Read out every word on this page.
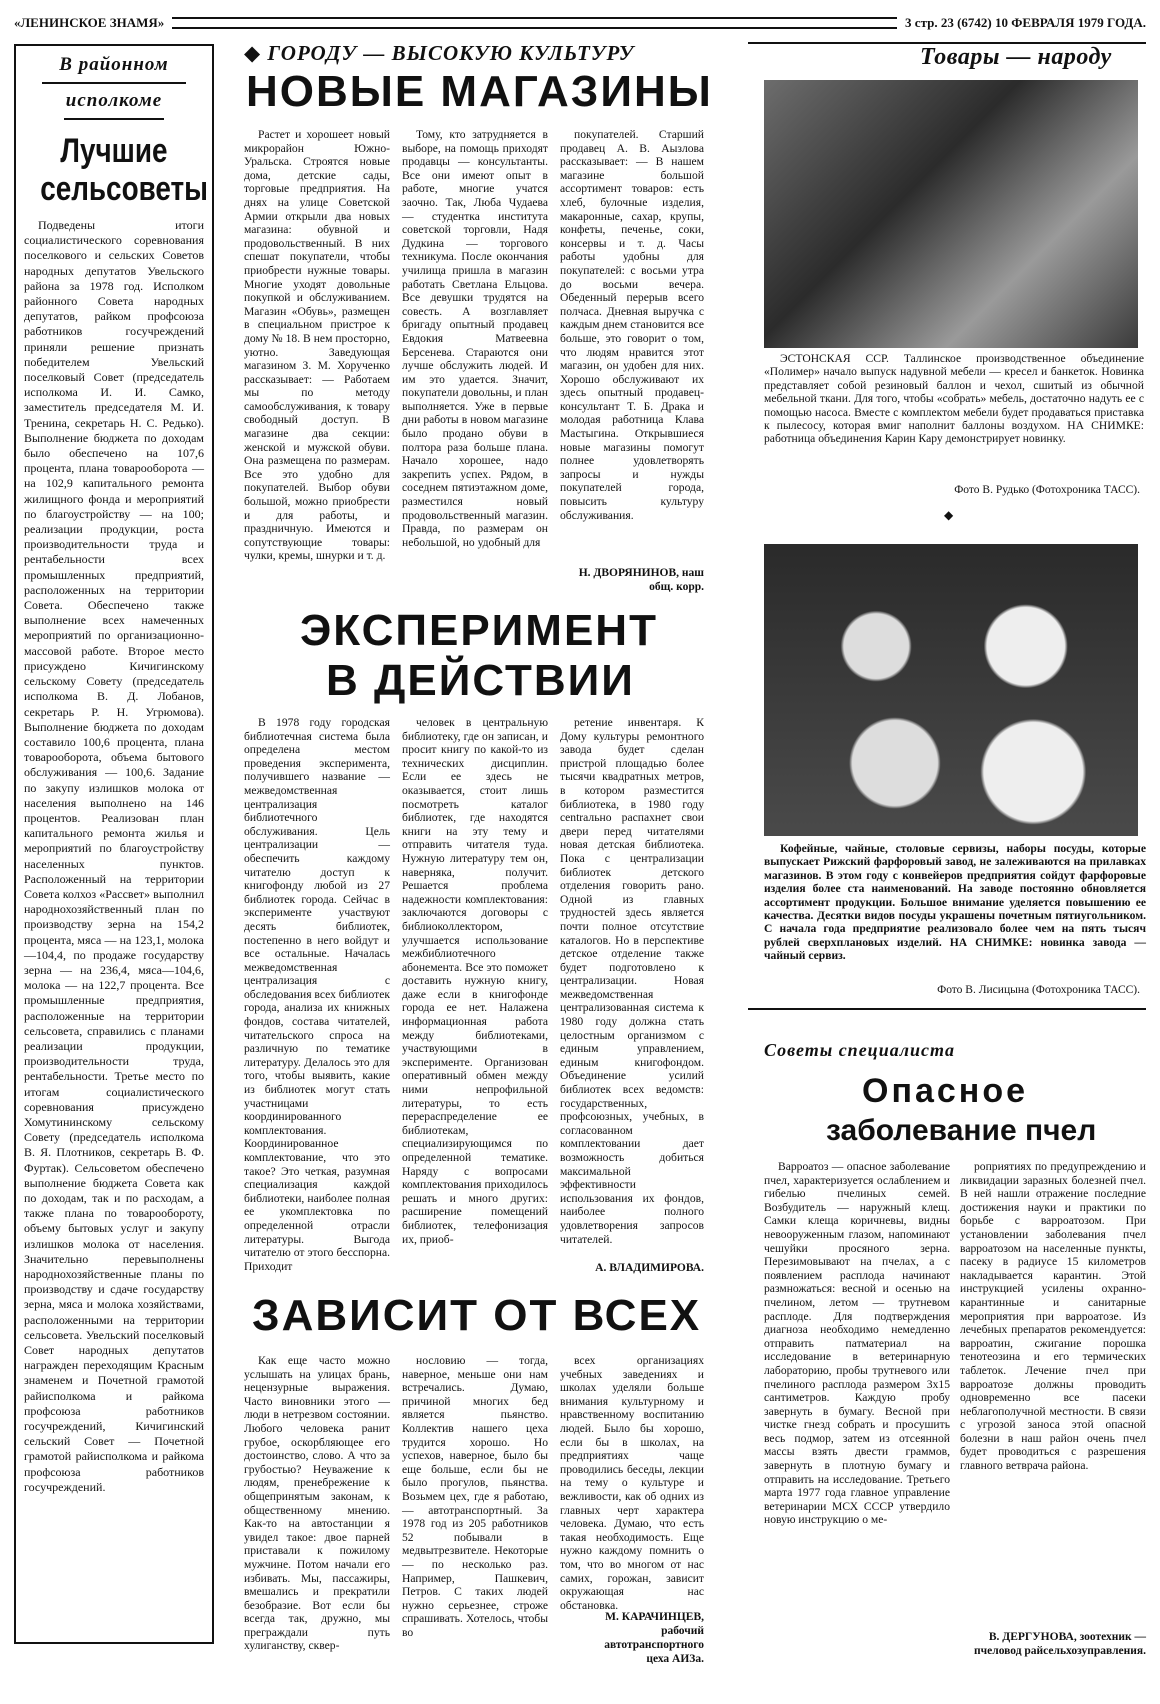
«ЛЕНИНСКОЕ ЗНАМЯ»	3 стр. 23 (6742) 10 ФЕВРАЛЯ 1979 ГОДА.
В районном
исполкоме
Лучшие сельсоветы
Подведены итоги социалистического соревнования поселкового и сельских Советов народных депутатов Увельского района за 1978 год. Исполком районного Совета народных депутатов, райком профсоюза работников госучреждений приняли решение признать победителем Увельский поселковый Совет (председатель исполкома И. И. Самко, заместитель председателя М. И. Тренина, секретарь Н. С. Редько). Выполнение бюджета по доходам было обеспечено на 107,6 процента, плана товарооборота — на 102,9 капитального ремонта жилищного фонда и мероприятий по благоустройству — на 100; реализации продукции, роста производительности труда и рентабельности всех промышленных предприятий, расположенных на территории Совета. Обеспечено также выполнение всех намеченных мероприятий по организационно-массовой работе. Второе место присуждено Кичигинскому сельскому Совету (председатель исполкома В. Д. Лобанов, секретарь Р. Н. Угрюмова). Выполнение бюджета по доходам составило 100,6 процента, плана товарооборота, объема бытового обслуживания — 100,6. Задание по закупу излишков молока от населения выполнено на 146 процентов. Реализован план капитального ремонта жилья и мероприятий по благоустройству населенных пунктов. Расположенный на территории Совета колхоз «Рассвет» выполнил народнохозяйственный план по производству зерна на 154,2 процента, мяса — на 123,1, молока—104,4, по продаже государству зерна — на 236,4, мяса—104,6, молока — на 122,7 процента. Все промышленные предприятия, расположенные на территории сельсовета, справились с планами реализации продукции, производительности труда, рентабельности. Третье место по итогам социалистического соревнования присуждено Хомутининскому сельскому Совету (председатель исполкома В. Я. Плотников, секретарь В. Ф. Фуртак). Сельсоветом обеспечено выполнение бюджета Совета как по доходам, так и по расходам, а также плана по товарообороту, объему бытовых услуг и закупу излишков молока от населения. Значительно перевыполнены народнохозяйственные планы по производству и сдаче государству зерна, мяса и молока хозяйствами, расположенными на территории сельсовета. Увельский поселковый Совет народных депутатов награжден переходящим Красным знаменем и Почетной грамотой райисполкома и райкома профсоюза работников госучреждений, Кичигинский сельский Совет — Почетной грамотой райисполкома и райкома профсоюза работников госучреждений.
◆ ГОРОДУ — ВЫСОКУЮ КУЛЬТУРУ
НОВЫЕ МАГАЗИНЫ
Растет и хорошеет новый микрорайон Южно-Уральска. Строятся новые дома, детские сады, торговые предприятия. На днях на улице Советской Армии открыли два новых магазина: обувной и продовольственный. В них спешат покупатели, чтобы приобрести нужные товары. Многие уходят довольные покупкой и обслуживанием. Магазин «Обувь», размещен в специальном пристрое к дому № 18. В нем просторно, уютно. Заведующая магазином З. М. Хорученко рассказывает: — Работаем мы по методу самообслуживания, к товару свободный доступ. В магазине два секции: женской и мужской обуви. Она размещена по размерам. Все это удобно для покупателей. Выбор обуви большой, можно приобрести и для работы, и праздничную. Имеются и сопутствующие товары: чулки, кремы, шнурки и т. д.
Тому, кто затрудняется в выборе, на помощь приходят продавцы — консультанты. Все они имеют опыт в работе, многие учатся заочно. Так, Люба Чудаева — студентка института советской торговли, Надя Дудкина — торгового техникума. После окончания училища пришла в магазин работать Светлана Ельцова. Все девушки трудятся на совесть. А возглавляет бригаду опытный продавец Евдокия Матвеевна Берсенева. Стараются они лучше обслужить людей. И им это удается. Значит, покупатели довольны, и план выполняется. Уже в первые дни работы в новом магазине было продано обуви в полтора раза больше плана. Начало хорошее, надо закрепить успех. Рядом, в соседнем пятиэтажном доме, разместился новый продовольственный магазин. Правда, по размерам он небольшой, но удобный для
покупателей. Старший продавец А. В. Аызлова рассказывает: — В нашем магазине большой ассортимент товаров: есть хлеб, булочные изделия, макаронные, сахар, крупы, конфеты, печенье, соки, консервы и т. д. Часы работы удобны для покупателей: с восьми утра до восьми вечера. Обеденный перерыв всего полчаса. Дневная выручка с каждым днем становится все больше, это говорит о том, что людям нравится этот магазин, он удобен для них. Хорошо обслуживают их здесь опытный продавец-консультант Т. Б. Драка и молодая работница Клава Мастыгина. Открывшиеся новые магазины помогут полнее удовлетворять запросы и нужды покупателей города, повысить культуру обслуживания.
Н. ДВОРЯНИНОВ, наш общ. корр.
ЭКСПЕРИМЕНТ
В ДЕЙСТВИИ
В 1978 году городская библиотечная система была определена местом проведения эксперимента, получившего название — межведомственная централизация библиотечного обслуживания. Цель централизации — обеспечить каждому читателю доступ к книгофонду любой из 27 библиотек города. Сейчас в эксперименте участвуют десять библиотек, постепенно в него войдут и все остальные. Началась межведомственная централизация с обследования всех библиотек города, анализа их книжных фондов, состава читателей, читательского спроса на различную по тематике литературу. Делалось это для того, чтобы выявить, какие из библиотек могут стать участницами координированного комплектования. Координированное комплектование, что это такое? Это четкая, разумная специализация каждой библиотеки, наиболее полная ее укомплектовка по определенной отрасли литературы. Выгода читателю от этого бесспорна. Приходит
человек в центральную библиотеку, где он записан, и просит книгу по какой-то из технических дисциплин. Если ее здесь не оказывается, стоит лишь посмотреть каталог библиотек, где находятся книги на эту тему и отправить читателя туда. Нужную литературу тем он, наверняка, получит. Решается проблема надежности комплектования: заключаются договоры с библиоколлектором, улучшается использование межбиблиотечного абонемента. Все это поможет доставить нужную книгу, даже если в книгофонде города ее нет. Налажена информационная работа между библиотеками, участвующими в эксперименте. Организован оперативный обмен между ними непрофильной литературы, то есть перераспределение ее библиотекам, специализирующимся по определенной тематике. Наряду с вопросами комплектования приходилось решать и много других: расширение помещений библиотек, телефонизация их, приоб-
ретение инвентаря. К Дому культуры ремонтного завода будет сделан пристрой площадью более тысячи квадратных метров, в котором разместится библиотека, в 1980 году centrально распахнет свои двери перед читателями новая детская библиотека. Пока с централизации библиотек детского отделения говорить рано. Одной из главных трудностей здесь является почти полное отсутствие каталогов. Но в перспективе детское отделение также будет подготовлено к централизации. Новая межведомственная централизованная система к 1980 году должна стать целостным организмом с единым управлением, единым книгофондом. Объединение усилий библиотек всех ведомств: государственных, профсоюзных, учебных, в согласованном комплектовании дает возможность добиться максимальной эффективности использования их фондов, наиболее полного удовлетворения запросов читателей.
А. ВЛАДИМИРОВА.
ЗАВИСИТ ОТ ВСЕХ
Как еще часто можно услышать на улицах брань, нецензурные выражения. Часто виновники этого — люди в нетрезвом состоянии. Любого человека ранит грубое, оскорбляющее его достоинство, слово. А что за грубостью? Неуважение к людям, пренебрежение к общепринятым законам, к общественному мнению. Как-то на автостанции я увидел такое: двое парней приставали к пожилому мужчине. Потом начали его избивать. Мы, пассажиры, вмешались и прекратили безобразие. Вот если бы всегда так, дружно, мы преграждали путь хулиганству, сквер-
нословию — тогда, наверное, меньше они нам встречались. Думаю, причиной многих бед является пьянство. Коллектив нашего цеха трудится хорошо. Но успехов, наверное, было бы еще больше, если бы не было прогулов, пьянства. Возьмем цех, где я работаю, — автотранспортный. За 1978 год из 205 работников 52 побывали в медвытрезвителе. Некоторые — по несколько раз. Например, Пашкевич, Петров. С таких людей нужно серьезнее, строже спрашивать. Хотелось, чтобы во
всех организациях учебных заведениях и школах уделяли больше внимания культурному и нравственному воспитанию людей. Было бы хорошо, если бы в школах, на предприятиях чаще проводились беседы, лекции на тему о культуре и вежливости, как об одних из главных черт характера человека. Думаю, что есть такая необходимость. Еще нужно каждому помнить о том, что во многом от нас самих, горожан, зависит окружающая нас обстановка.
М. КАРАЧИНЦЕВ, рабочий автотранспортного цеха АИЗа.
Товары — народу
ЭСТОНСКАЯ ССР. Таллинское производственное объединение «Полимер» начало выпуск надувной мебели — кресел и банкеток. Новинка представляет собой резиновый баллон и чехол, сшитый из обычной мебельной ткани. Для того, чтобы «собрать» мебель, достаточно надуть ее с помощью насоса. Вместе с комплектом мебели будет продаваться приставка к пылесосу, которая вмиг наполнит баллоны воздухом. НА СНИМКЕ: работница объединения Карин Кару демонстрирует новинку.
Фото В. Рудько (Фотохроника ТАСС).
◆
Кофейные, чайные, столовые сервизы, наборы посуды, которые выпускает Рижский фарфоровый завод, не залеживаются на прилавках магазинов. В этом году с конвейеров предприятия сойдут фарфоровые изделия более ста наименований. На заводе постоянно обновляется ассортимент продукции. Большое внимание уделяется повышению ее качества. Десятки видов посуды украшены почетным пятиугольником. С начала года предприятие реализовало более чем на пять тысяч рублей сверхплановых изделий. НА СНИМКЕ: новинка завода — чайный сервиз.
Фото В. Лисицына (Фотохроника ТАСС).
Советы специалиста
Опасное
заболевание пчел
Варроатоз — опасное заболевание пчел, характеризуется ослаблением и гибелью пчелиных семей. Возбудитель — наружный клещ. Самки клеща коричневы, видны невооруженным глазом, напоминают чешуйки просяного зерна. Перезимовывают на пчелах, а с появлением расплода начинают размножаться: весной и осенью на пчелином, летом — трутневом расплоде. Для подтверждения диагноза необходимо немедленно отправить патматериал на исследование в ветеринарную лабораторию, пробы трутневого или пчелиного расплода размером 3х15 сантиметров. Каждую пробу завернуть в бумагу. Весной при чистке гнезд собрать и просушить весь подмор, затем из отсеянной массы взять двести граммов, завернуть в плотную бумагу и отправить на исследование. Третьего марта 1977 года главное управление ветеринарии МСХ СССР утвердило новую инструкцию о ме-
роприятиях по предупреждению и ликвидации заразных болезней пчел. В ней нашли отражение последние достижения науки и практики по борьбе с варроатозом. При установлении заболевания пчел варроатозом на населенные пункты, пасеку в радиусе 15 километров накладывается карантин. Этой инструкцией усилены охранно-карантинные и санитарные мероприятия при варроатозе. Из лечебных препаратов рекомендуется: варроатин, сжигание порошка тенотеозина и его термических таблеток. Лечение пчел при варроатозе должны проводить одновременно все пасеки неблагополучной местности. В связи с угрозой заноса этой опасной болезни в наш район очень пчел будет проводиться с разрешения главного ветврача района.
В. ДЕРГУНОВА, зоотехник — пчеловод райсельхозуправления.
